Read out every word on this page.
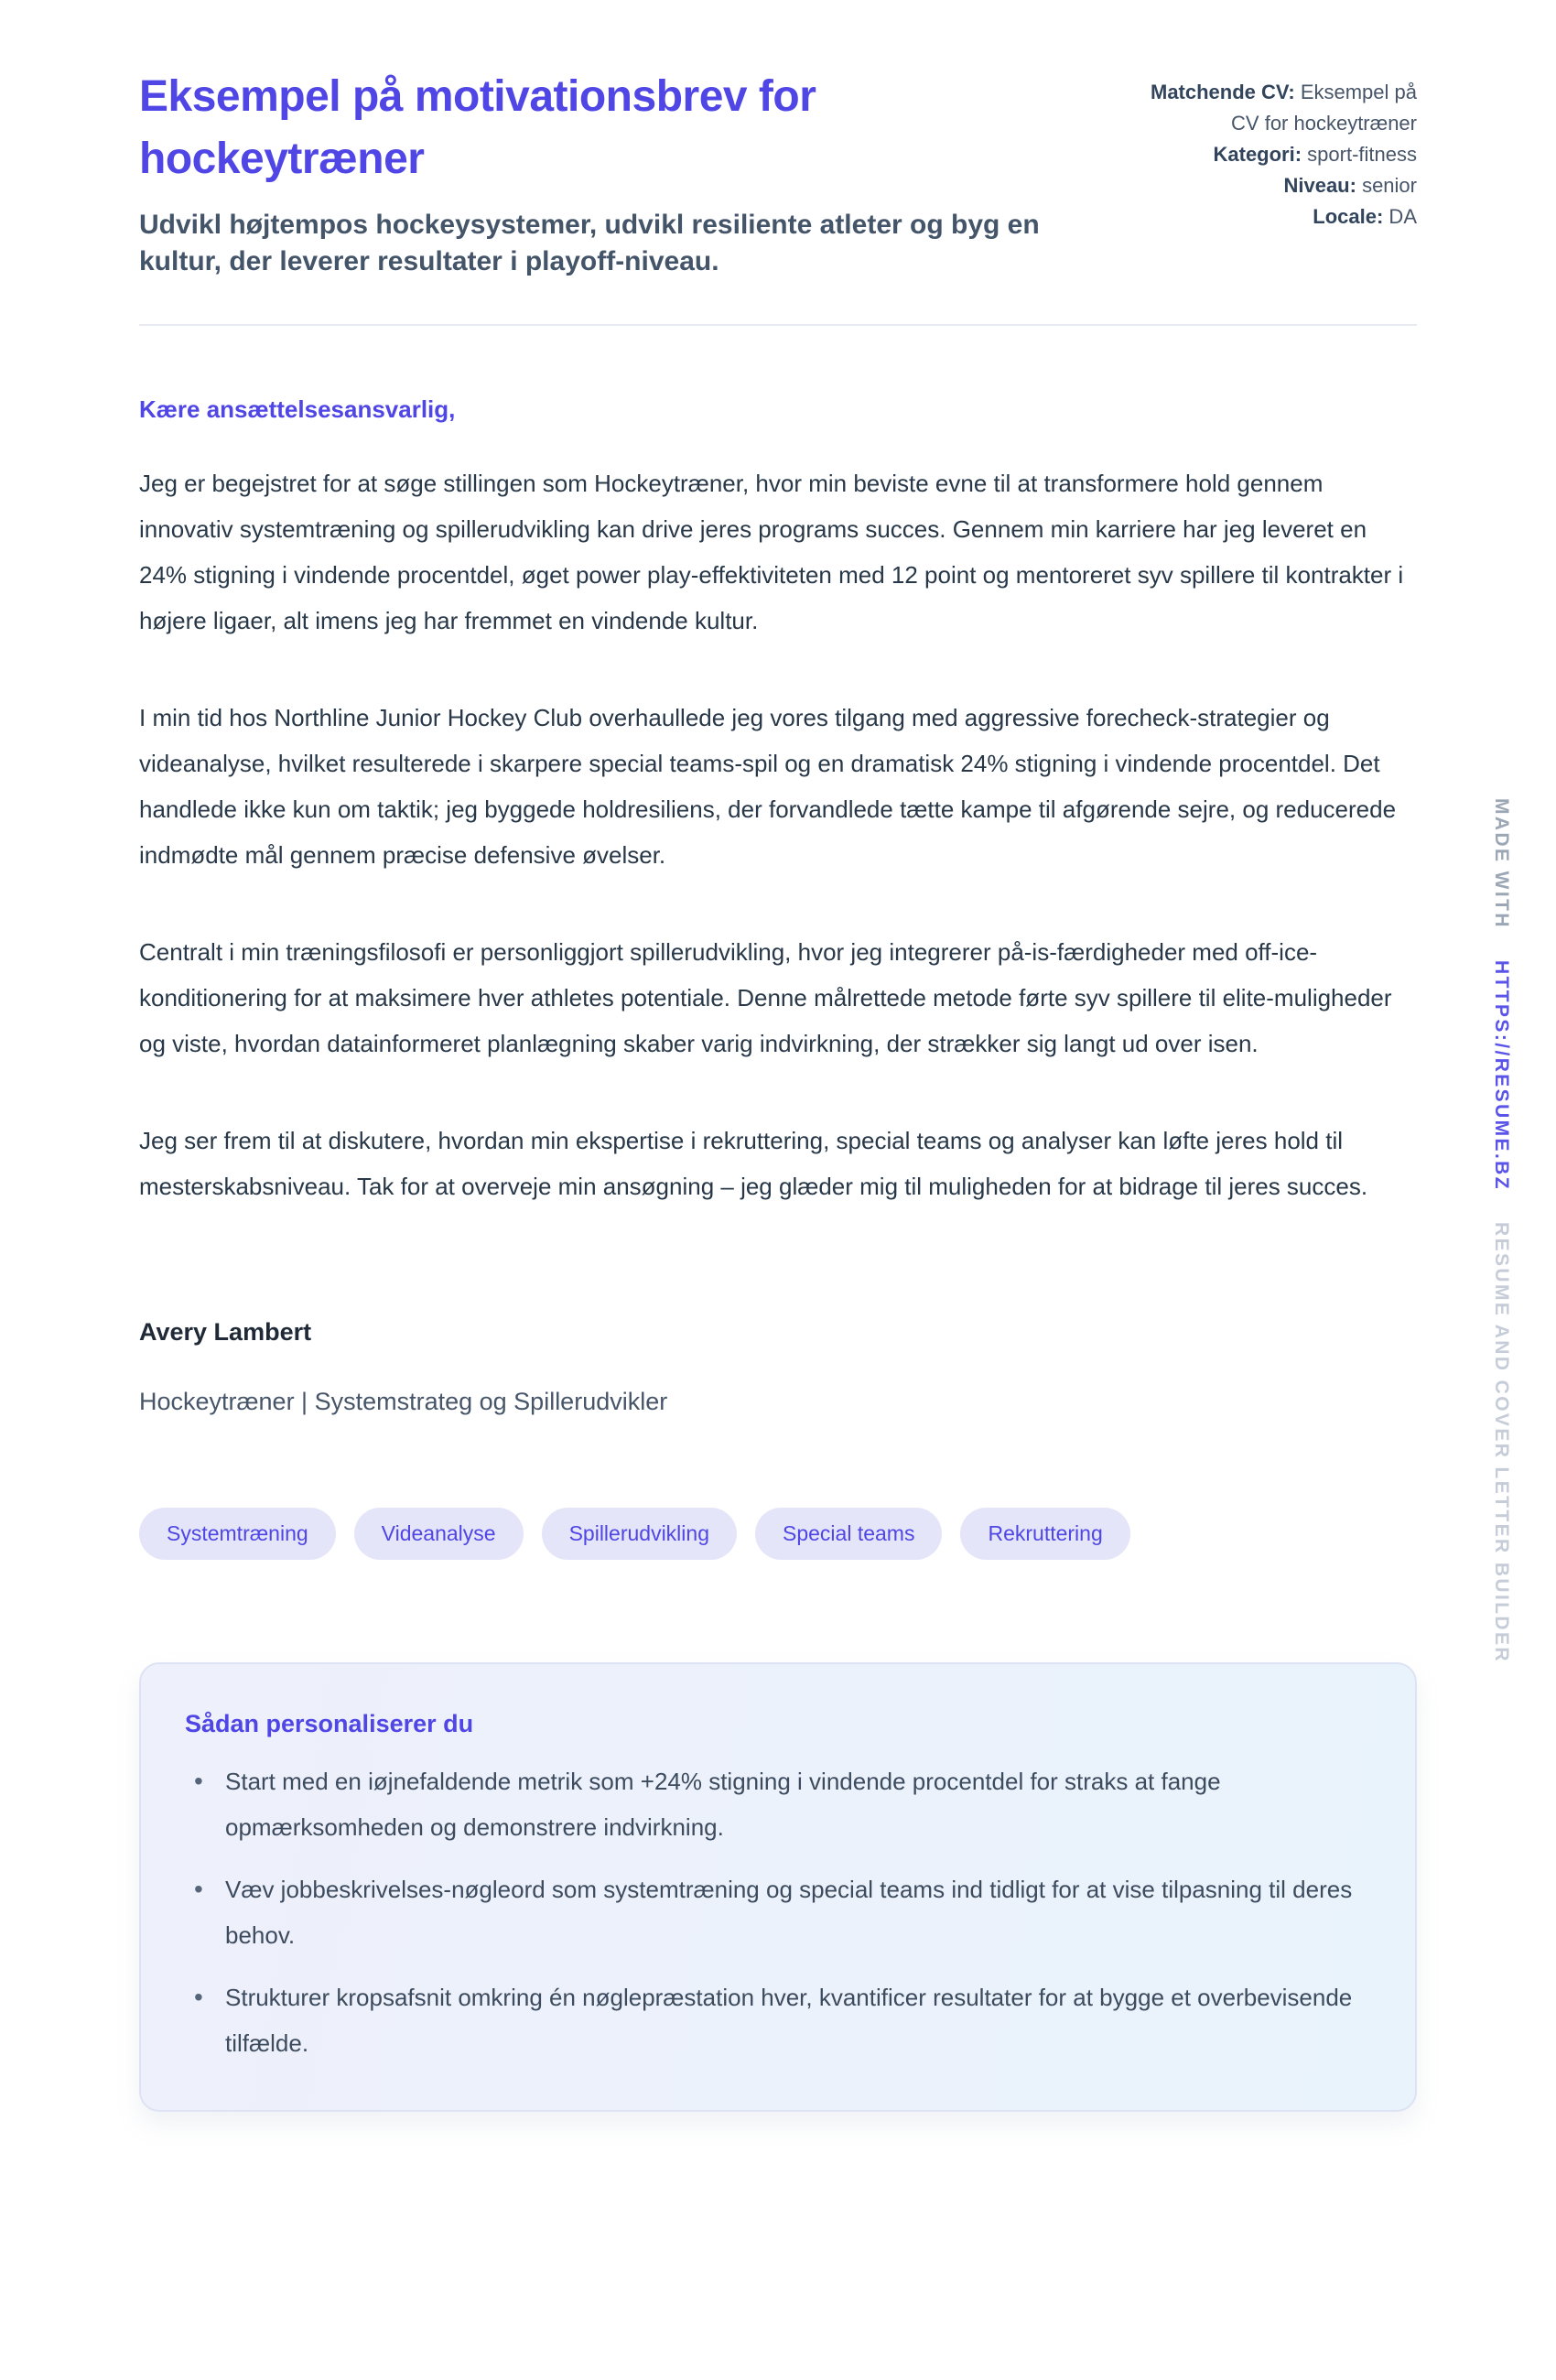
Eksempel på motivationsbrev for hockeytræner

Udvikl højtempos hockeysystemer, udvikl resiliente atleter og byg en kultur, der leverer resultater i playoff-niveau.

Matchende CV: Eksempel på CV for hockeytræner
Kategori: sport-fitness
Niveau: senior
Locale: DA
Kære ansættelsesansvarlig,

Jeg er begejstret for at søge stillingen som Hockeytræner, hvor min beviste evne til at transformere hold gennem innovativ systemtræning og spillerudvikling kan drive jeres programs succes. Gennem min karriere har jeg leveret en 24% stigning i vindende procentdel, øget power play-effektiviteten med 12 point og mentoreret syv spillere til kontrakter i højere ligaer, alt imens jeg har fremmet en vindende kultur.

I min tid hos Northline Junior Hockey Club overhaullede jeg vores tilgang med aggressive forecheck-strategier og videanalyse, hvilket resulterede i skarpere special teams-spil og en dramatisk 24% stigning i vindende procentdel. Det handlede ikke kun om taktik; jeg byggede holdresiliens, der forvandlede tætte kampe til afgørende sejre, og reducerede indmødte mål gennem præcise defensive øvelser.

Centralt i min træningsfilosofi er personliggjort spillerudvikling, hvor jeg integrerer på-is-færdigheder med off-ice-konditionering for at maksimere hver athletes potentiale. Denne målrettede metode førte syv spillere til elite-muligheder og viste, hvordan datainformeret planlægning skaber varig indvirkning, der strækker sig langt ud over isen.

Jeg ser frem til at diskutere, hvordan min ekspertise i rekruttering, special teams og analyser kan løfte jeres hold til mesterskabsniveau. Tak for at overveje min ansøgning – jeg glæder mig til muligheden for at bidrage til jeres succes.

Avery Lambert
Hockeytræner | Systemstrateg og Spillerudvikler
Systemtræning	Videanalyse	Spillerudvikling	Special teams	Rekruttering
Sådan personaliserer du
• Start med en iøjnefaldende metrik som +24% stigning i vindende procentdel for straks at fange opmærksomheden og demonstrere indvirkning.
• Væv jobbeskrivelses-nøgleord som systemtræning og special teams ind tidligt for at vise tilpasning til deres behov.
• Strukturer kropsafsnit omkring én nøglepræstation hver, kvantificer resultater for at bygge et overbevisende tilfælde.
MADE WITH HTTPS://RESUME.BZ RESUME AND COVER LETTER BUILDER
